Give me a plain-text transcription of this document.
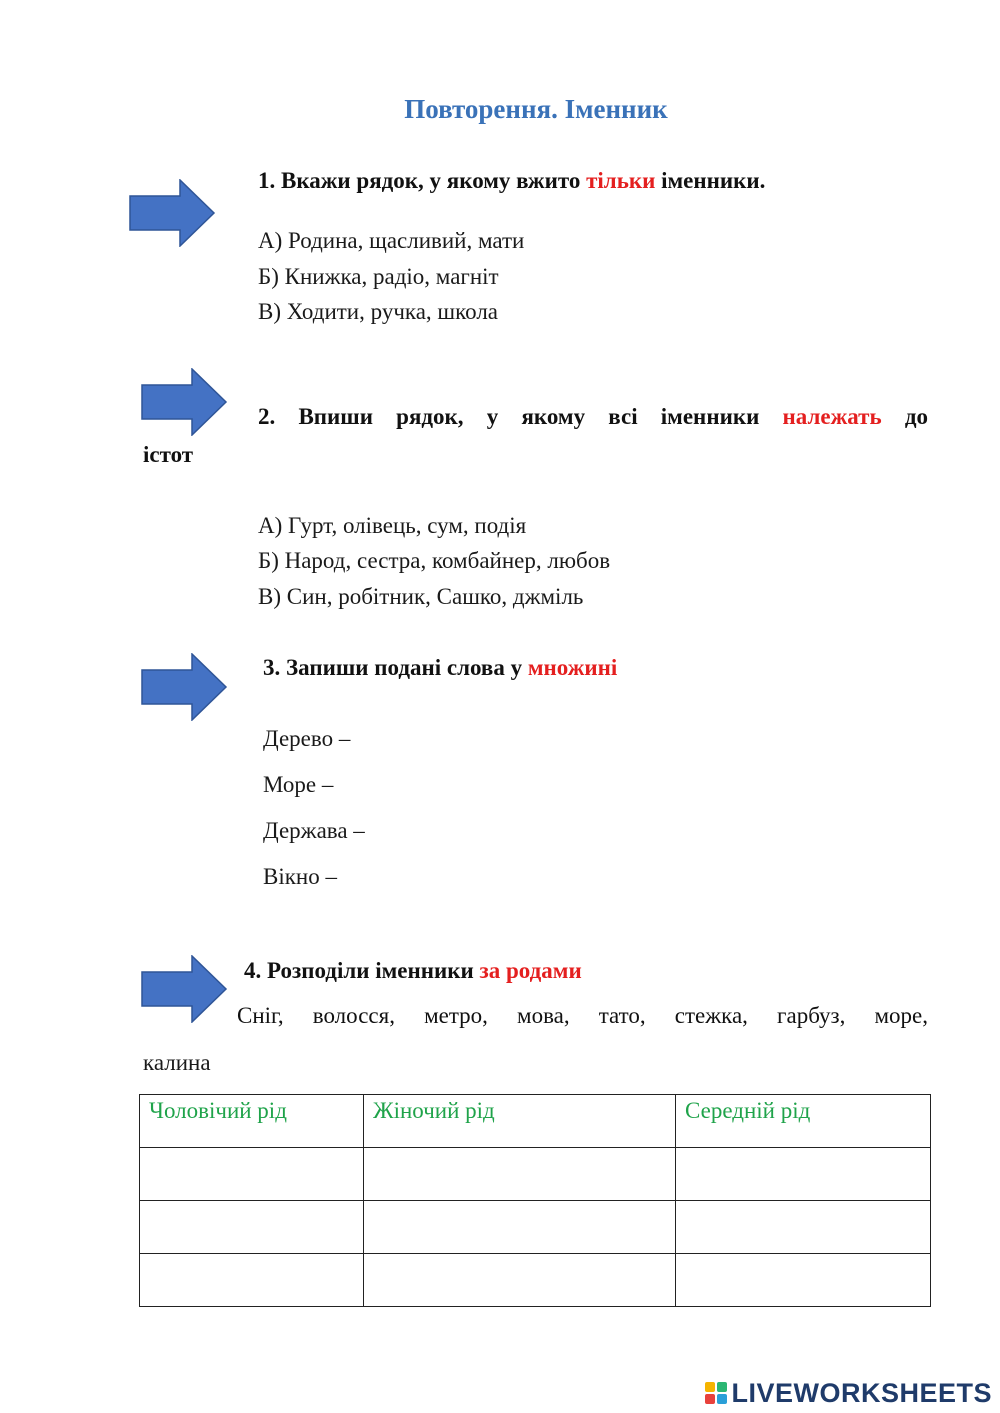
Повторення. Іменник
1. Вкажи рядок, у якому вжито тільки іменники.
А) Родина, щасливий, мати
Б) Книжка, радіо, магніт
В) Ходити, ручка, школа
2. Впиши рядок, у якому всі іменники належать до
істот
А) Гурт, олівець, сум, подія
Б) Народ, сестра, комбайнер, любов
В) Син, робітник, Сашко, джміль
3. Запиши подані слова у множині
Дерево –
Море –
Держава –
Вікно –
4. Розподіли іменники за родами
Сніг, волосся, метро, мова, тато, стежка, гарбуз, море,
калина
Чоловічий рід	Жіночий рід	Середній рід

LIVEWORKSHEETS
